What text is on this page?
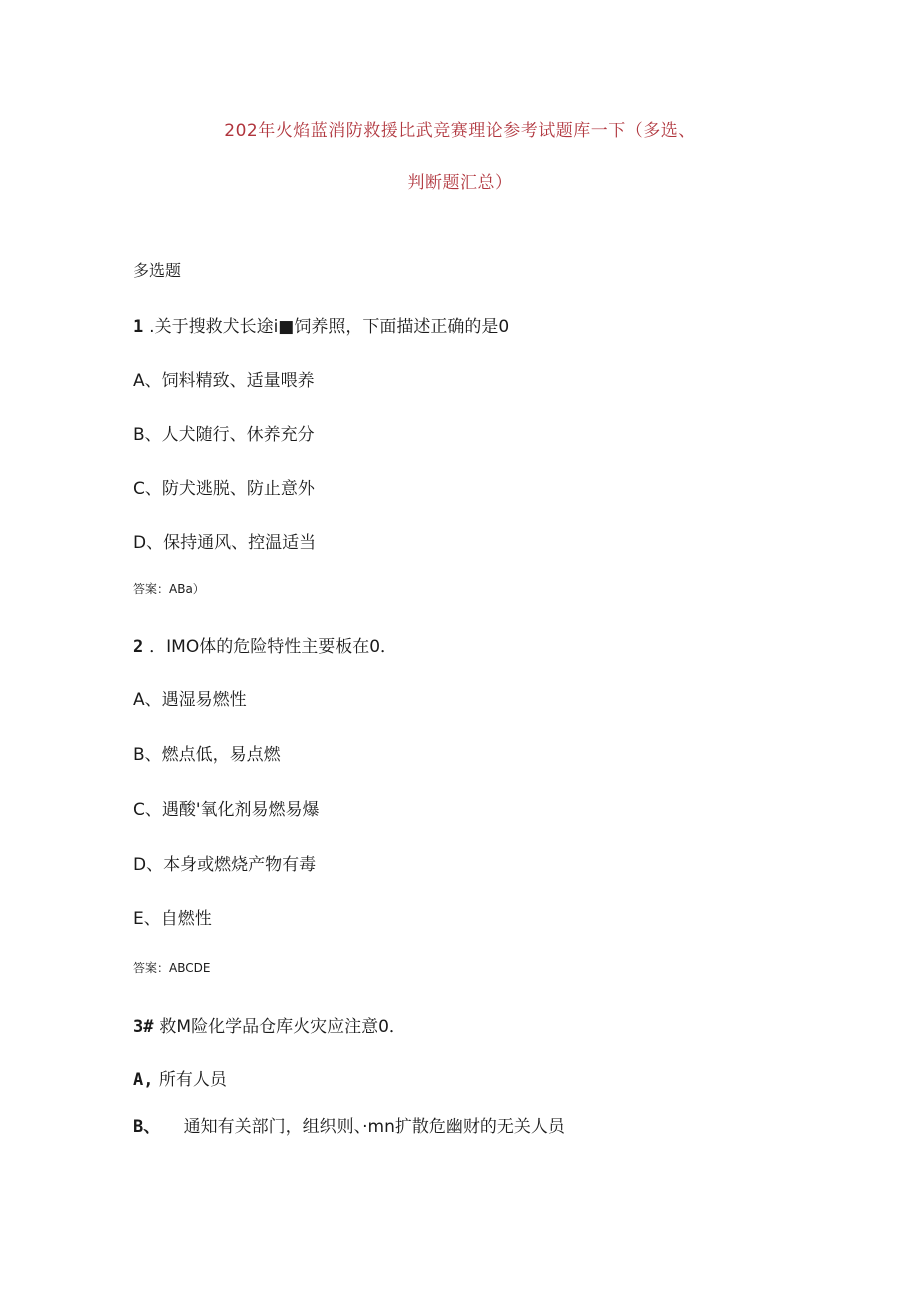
202年火焰蓝消防救援比武竞赛理论参考试题库一下（多选、
判断题汇总）
多选题
1 .关于搜救犬长途i■饲养照，下面描述正确的是0
A、饲料精致、适量喂养
B、人犬随行、休养充分
C、防犬逃脱、防止意外
D、保持通风、控温适当
答案：ABa）
2 ．IMO体的危险特性主要板在0．
A、遇湿易燃性
B、燃点低，易点燃
C、遇酸'氧化剂易燃易爆
D、本身或燃烧产物有毒
E、自燃性
答案：ABCDE
3# 救M险化学品仓库火灾应注意0．
A, 所有人员
B、 通知有关部门，组织则、·mn扩散危幽财的无关人员
